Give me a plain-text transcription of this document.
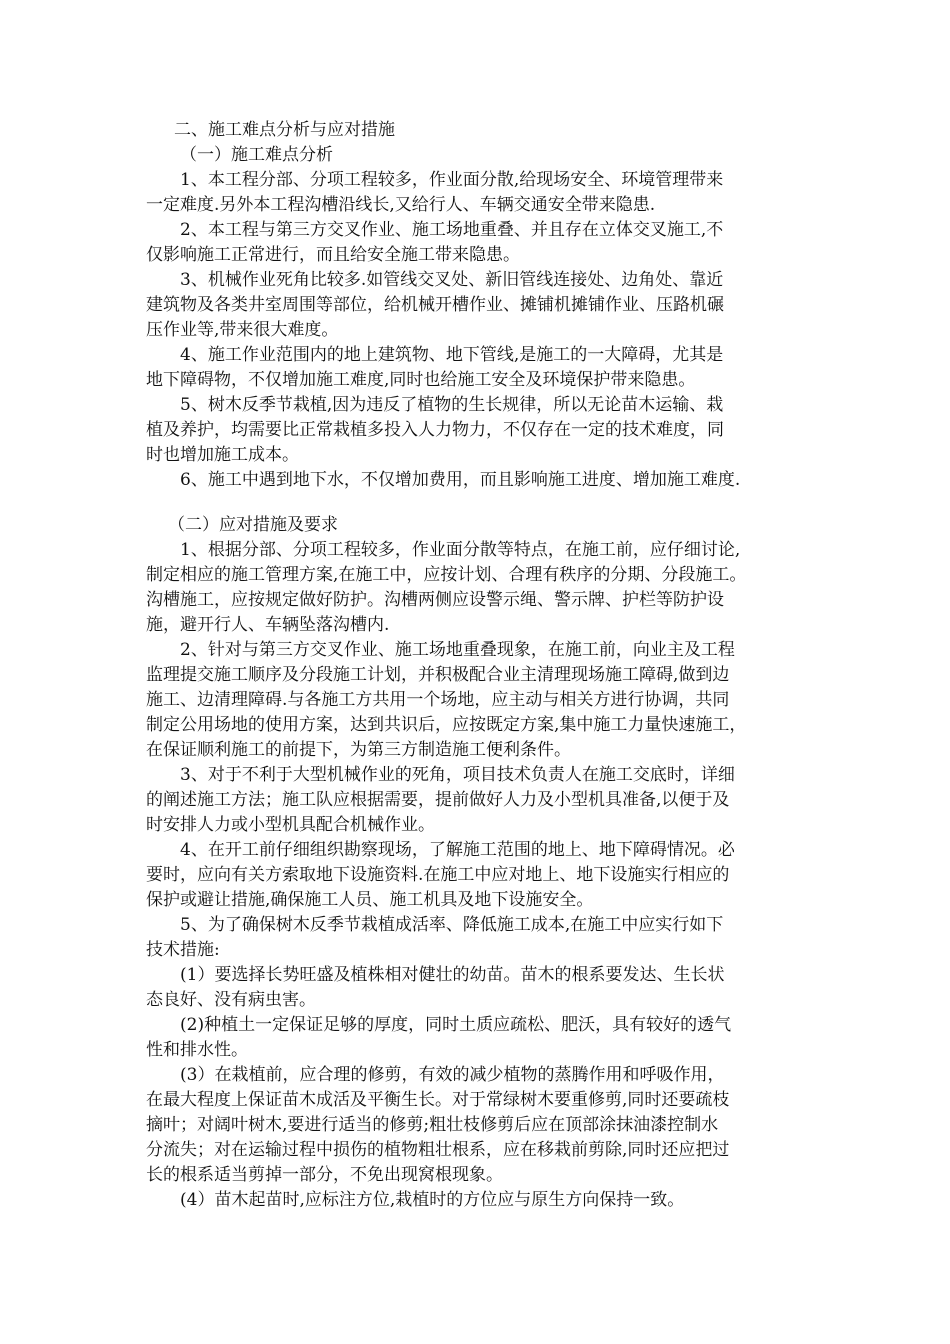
二、施工难点分析与应对措施
（一）施工难点分析
1、本工程分部、分项工程较多，作业面分散,给现场安全、环境管理带来
一定难度.另外本工程沟槽沿线长,又给行人、车辆交通安全带来隐患.
2、本工程与第三方交叉作业、施工场地重叠、并且存在立体交叉施工,不
仅影响施工正常进行，而且给安全施工带来隐患。
3、机械作业死角比较多.如管线交叉处、新旧管线连接处、边角处、靠近
建筑物及各类井室周围等部位，给机械开槽作业、摊铺机摊铺作业、压路机碾
压作业等,带来很大难度。
4、施工作业范围内的地上建筑物、地下管线,是施工的一大障碍，尤其是
地下障碍物，不仅增加施工难度,同时也给施工安全及环境保护带来隐患。
5、树木反季节栽植,因为违反了植物的生长规律，所以无论苗木运输、栽
植及养护，均需要比正常栽植多投入人力物力，不仅存在一定的技术难度，同
时也增加施工成本。
6、施工中遇到地下水，不仅增加费用，而且影响施工进度、增加施工难度.
（二）应对措施及要求
1、根据分部、分项工程较多，作业面分散等特点，在施工前，应仔细讨论,
制定相应的施工管理方案,在施工中，应按计划、合理有秩序的分期、分段施工。
沟槽施工，应按规定做好防护。沟槽两侧应设警示绳、警示牌、护栏等防护设
施，避开行人、车辆坠落沟槽内.
2、针对与第三方交叉作业、施工场地重叠现象，在施工前，向业主及工程
监理提交施工顺序及分段施工计划，并积极配合业主清理现场施工障碍,做到边
施工、边清理障碍.与各施工方共用一个场地，应主动与相关方进行协调，共同
制定公用场地的使用方案，达到共识后，应按既定方案,集中施工力量快速施工，
在保证顺利施工的前提下，为第三方制造施工便利条件。
3、对于不利于大型机械作业的死角，项目技术负责人在施工交底时，详细
的阐述施工方法；施工队应根据需要，提前做好人力及小型机具准备,以便于及
时安排人力或小型机具配合机械作业。
4、在开工前仔细组织勘察现场，了解施工范围的地上、地下障碍情况。必
要时，应向有关方索取地下设施资料.在施工中应对地上、地下设施实行相应的
保护或避让措施,确保施工人员、施工机具及地下设施安全。
5、为了确保树木反季节栽植成活率、降低施工成本,在施工中应实行如下
技术措施:
(1）要选择长势旺盛及植株相对健壮的幼苗。苗木的根系要发达、生长状
态良好、没有病虫害。
(2)种植土一定保证足够的厚度，同时土质应疏松、肥沃，具有较好的透气
性和排水性。
(3）在栽植前，应合理的修剪，有效的减少植物的蒸腾作用和呼吸作用，
在最大程度上保证苗木成活及平衡生长。对于常绿树木要重修剪,同时还要疏枝
摘叶；对阔叶树木,要进行适当的修剪;粗壮枝修剪后应在顶部涂抹油漆控制水
分流失；对在运输过程中损伤的植物粗壮根系，应在移栽前剪除,同时还应把过
长的根系适当剪掉一部分，不免出现窝根现象。
(4）苗木起苗时,应标注方位,栽植时的方位应与原生方向保持一致。
